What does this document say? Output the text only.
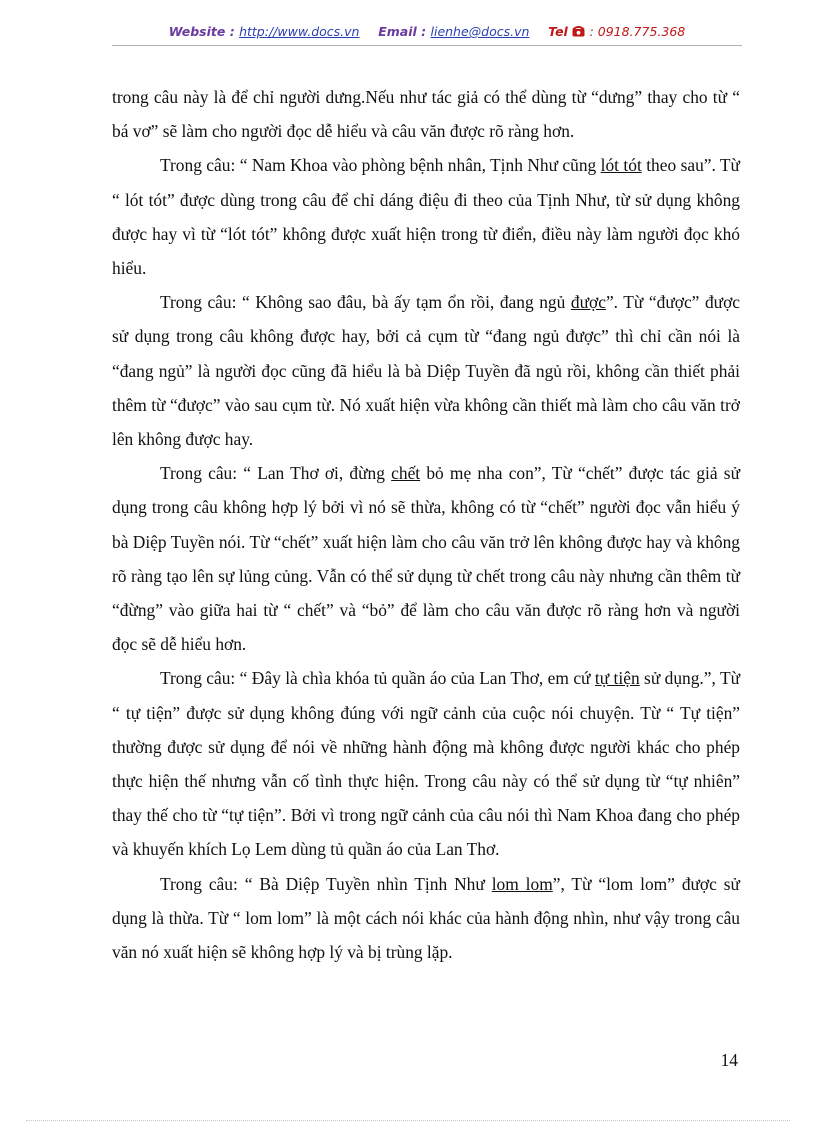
Website : http://www.docs.vn Email : lienhe@docs.vn Tel : 0918.775.368

trong câu này là để chỉ người dưng.Nếu như tác giả có thể dùng từ “dưng” thay cho từ “ bá vơ” sẽ làm cho người đọc dễ hiểu và câu văn được rõ ràng hơn.

Trong câu: “ Nam Khoa vào phòng bệnh nhân, Tịnh Như cũng lót tót theo sau”. Từ “ lót tót” được dùng trong câu để chỉ dáng điệu đi theo của Tịnh Như, từ sử dụng không được hay vì từ “lót tót” không được xuất hiện trong từ điển, điều này làm người đọc khó hiểu.

Trong câu: “ Không sao đâu, bà ấy tạm ổn rồi, đang ngủ được”. Từ “được” được sử dụng trong câu không được hay, bởi cả cụm từ “đang ngủ được” thì chỉ cần nói là “đang ngủ” là người đọc cũng đã hiểu là bà Diệp Tuyền đã ngủ rồi, không cần thiết phải thêm từ “được” vào sau cụm từ. Nó xuất hiện vừa không cần thiết mà làm cho câu văn trở lên không được hay.

Trong câu: “ Lan Thơ ơi, đừng chết bỏ mẹ nha con”, Từ “chết” được tác giả sử dụng trong câu không hợp lý bởi vì nó sẽ thừa, không có từ “chết” người đọc vẫn hiểu ý bà Diệp Tuyền nói. Từ “chết” xuất hiện làm cho câu văn trở lên không được hay và không rõ ràng tạo lên sự lủng củng. Vẫn có thể sử dụng từ chết trong câu này nhưng cần thêm từ “đừng” vào giữa hai từ “ chết” và “bỏ” để làm cho câu văn được rõ ràng hơn và người đọc sẽ dễ hiểu hơn.

Trong câu: “ Đây là chìa khóa tủ quần áo của Lan Thơ, em cứ tự tiện sử dụng.”, Từ “ tự tiện” được sử dụng không đúng với ngữ cảnh của cuộc nói chuyện. Từ “ Tự tiện” thường được sử dụng để nói về những hành động mà không được người khác cho phép thực hiện thế nhưng vẫn cố tình thực hiện. Trong câu này có thể sử dụng từ “tự nhiên” thay thế cho từ “tự tiện”. Bởi vì trong ngữ cảnh của câu nói thì Nam Khoa đang cho phép và khuyến khích Lọ Lem dùng tủ quần áo của Lan Thơ.

Trong câu: “ Bà Diệp Tuyền nhìn Tịnh Như lom lom”, Từ “lom lom” được sử dụng là thừa. Từ “ lom lom” là một cách nói khác của hành động nhìn, như vậy trong câu văn nó xuất hiện sẽ không hợp lý và bị trùng lặp.

14
